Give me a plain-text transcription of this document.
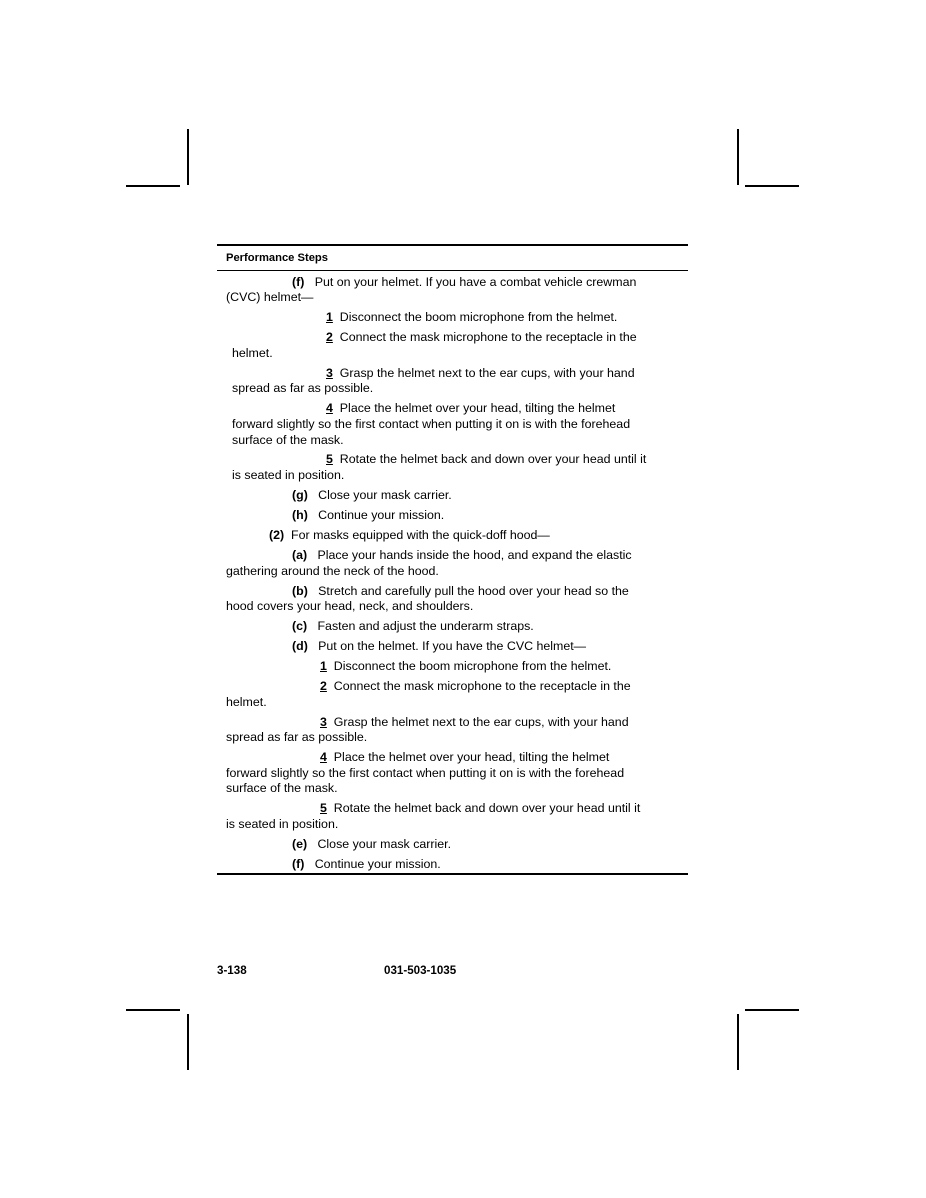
Performance Steps

(f) Put on your helmet. If you have a combat vehicle crewman
(CVC) helmet—

1 Disconnect the boom microphone from the helmet.

2 Connect the mask microphone to the receptacle in the
helmet.

3 Grasp the helmet next to the ear cups, with your hand
spread as far as possible.

4 Place the helmet over your head, tilting the helmet
forward slightly so the first contact when putting it on is with the forehead
surface of the mask.

5 Rotate the helmet back and down over your head until it
is seated in position.

(g) Close your mask carrier.

(h) Continue your mission.

(2) For masks equipped with the quick-doff hood—

(a) Place your hands inside the hood, and expand the elastic
gathering around the neck of the hood.

(b) Stretch and carefully pull the hood over your head so the
hood covers your head, neck, and shoulders.

(c) Fasten and adjust the underarm straps.

(d) Put on the helmet. If you have the CVC helmet—

1 Disconnect the boom microphone from the helmet.

2 Connect the mask microphone to the receptacle in the
helmet.

3 Grasp the helmet next to the ear cups, with your hand
spread as far as possible.

4 Place the helmet over your head, tilting the helmet
forward slightly so the first contact when putting it on is with the forehead
surface of the mask.

5 Rotate the helmet back and down over your head until it
is seated in position.

(e) Close your mask carrier.

(f) Continue your mission.

3-138	031-503-1035
